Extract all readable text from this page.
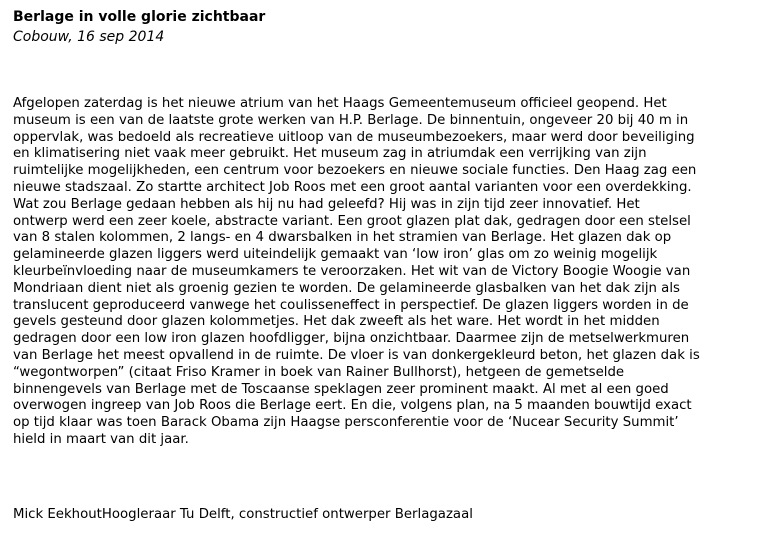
Berlage in volle glorie zichtbaar
Cobouw, 16 sep 2014
Afgelopen zaterdag is het nieuwe atrium van het Haags Gemeentemuseum officieel geopend. Het
museum is een van de laatste grote werken van H.P. Berlage. De binnentuin, ongeveer 20 bij 40 m in
oppervlak, was bedoeld als recreatieve uitloop van de museumbezoekers, maar werd door beveiliging
en klimatisering niet vaak meer gebruikt. Het museum zag in atriumdak een verrijking van zijn
ruimtelijke mogelijkheden, een centrum voor bezoekers en nieuwe sociale functies. Den Haag zag een
nieuwe stadszaal. Zo startte architect Job Roos met een groot aantal varianten voor een overdekking.
Wat zou Berlage gedaan hebben als hij nu had geleefd? Hij was in zijn tijd zeer innovatief. Het
ontwerp werd een zeer koele, abstracte variant. Een groot glazen plat dak, gedragen door een stelsel
van 8 stalen kolommen, 2 langs- en 4 dwarsbalken in het stramien van Berlage. Het glazen dak op
gelamineerde glazen liggers werd uiteindelijk gemaakt van ‘low iron’ glas om zo weinig mogelijk
kleurbeïnvloeding naar de museumkamers te veroorzaken. Het wit van de Victory Boogie Woogie van
Mondriaan dient niet als groenig gezien te worden. De gelamineerde glasbalken van het dak zijn als
translucent geproduceerd vanwege het coulisseneffect in perspectief. De glazen liggers worden in de
gevels gesteund door glazen kolommetjes. Het dak zweeft als het ware. Het wordt in het midden
gedragen door een low iron glazen hoofdligger, bijna onzichtbaar. Daarmee zijn de metselwerkmuren
van Berlage het meest opvallend in de ruimte. De vloer is van donkergekleurd beton, het glazen dak is
“wegontworpen” (citaat Friso Kramer in boek van Rainer Bullhorst), hetgeen de gemetselde
binnengevels van Berlage met de Toscaanse speklagen zeer prominent maakt. Al met al een goed
overwogen ingreep van Job Roos die Berlage eert. En die, volgens plan, na 5 maanden bouwtijd exact
op tijd klaar was toen Barack Obama zijn Haagse persconferentie voor de ‘Nucear Security Summit’
hield in maart van dit jaar.
Mick EekhoutHoogleraar Tu Delft, constructief ontwerper Berlagazaal
